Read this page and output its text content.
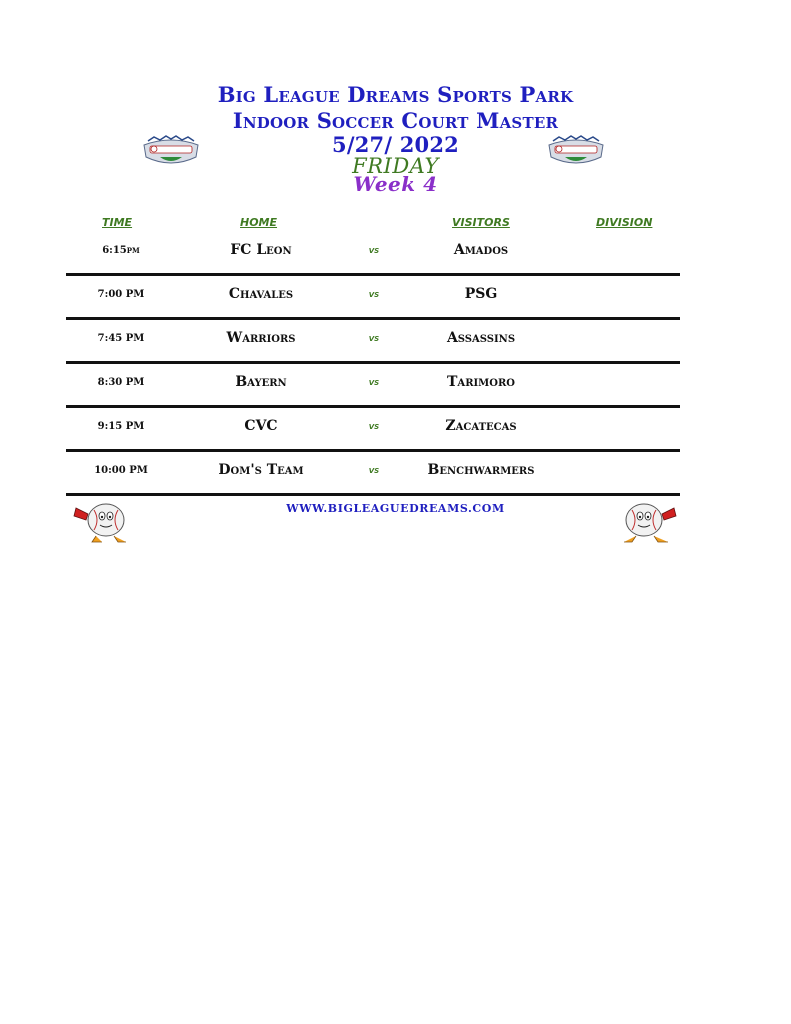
Big League Dreams Sports Park
Indoor Soccer Court Master
5/27/ 2022
FRIDAY
Week 4
TIME	HOME	VISITORS	DIVISION
6:15pm	FC Leon	vs	Amados
7:00 PM	Chavales	vs	PSG
7:45 PM	Warriors	vs	Assassins
8:30 PM	Bayern	vs	Tarimoro
9:15 PM	CVC	vs	Zacatecas
10:00 PM	Dom's Team	vs	Benchwarmers
WWW.BIGLEAGUEDREAMS.COM
